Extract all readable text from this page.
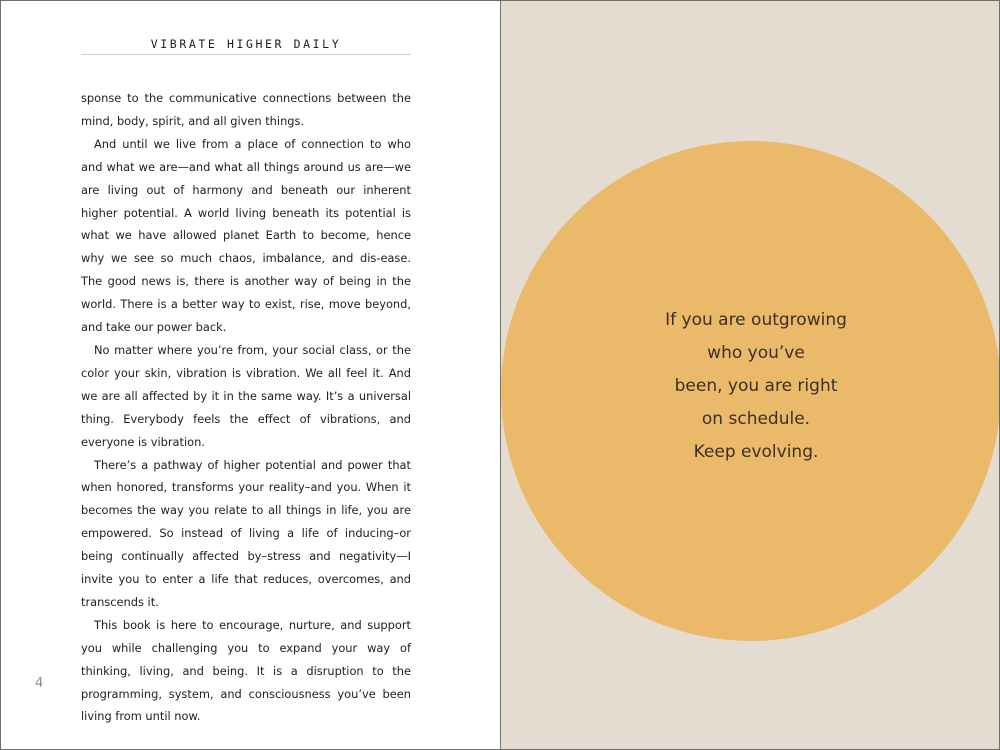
VIBRATE HIGHER DAILY

sponse to the communicative connections between the mind, body, spirit, and all given things.

And until we live from a place of connection to who and what we are—and what all things around us are—we are living out of harmony and beneath our inherent higher potential. A world living beneath its potential is what we have allowed planet Earth to become, hence why we see so much chaos, imbalance, and dis-ease. The good news is, there is another way of being in the world. There is a better way to exist, rise, move beyond, and take our power back.

No matter where you’re from, your social class, or the color your skin, vibration is vibration. We all feel it. And we are all affected by it in the same way. It’s a universal thing. Everybody feels the effect of vibrations, and everyone is vibration.

There’s a pathway of higher potential and power that when honored, transforms your reality–and you. When it becomes the way you relate to all things in life, you are empowered. So instead of living a life of inducing–or being continually affected by–stress and negativity—I invite you to enter a life that reduces, overcomes, and transcends it.

This book is here to encourage, nurture, and support you while challenging you to expand your way of thinking, living, and being. It is a disruption to the programming, system, and consciousness you’ve been living from until now.

4
If you are outgrowing
who you’ve
been, you are right
on schedule.
Keep evolving.
